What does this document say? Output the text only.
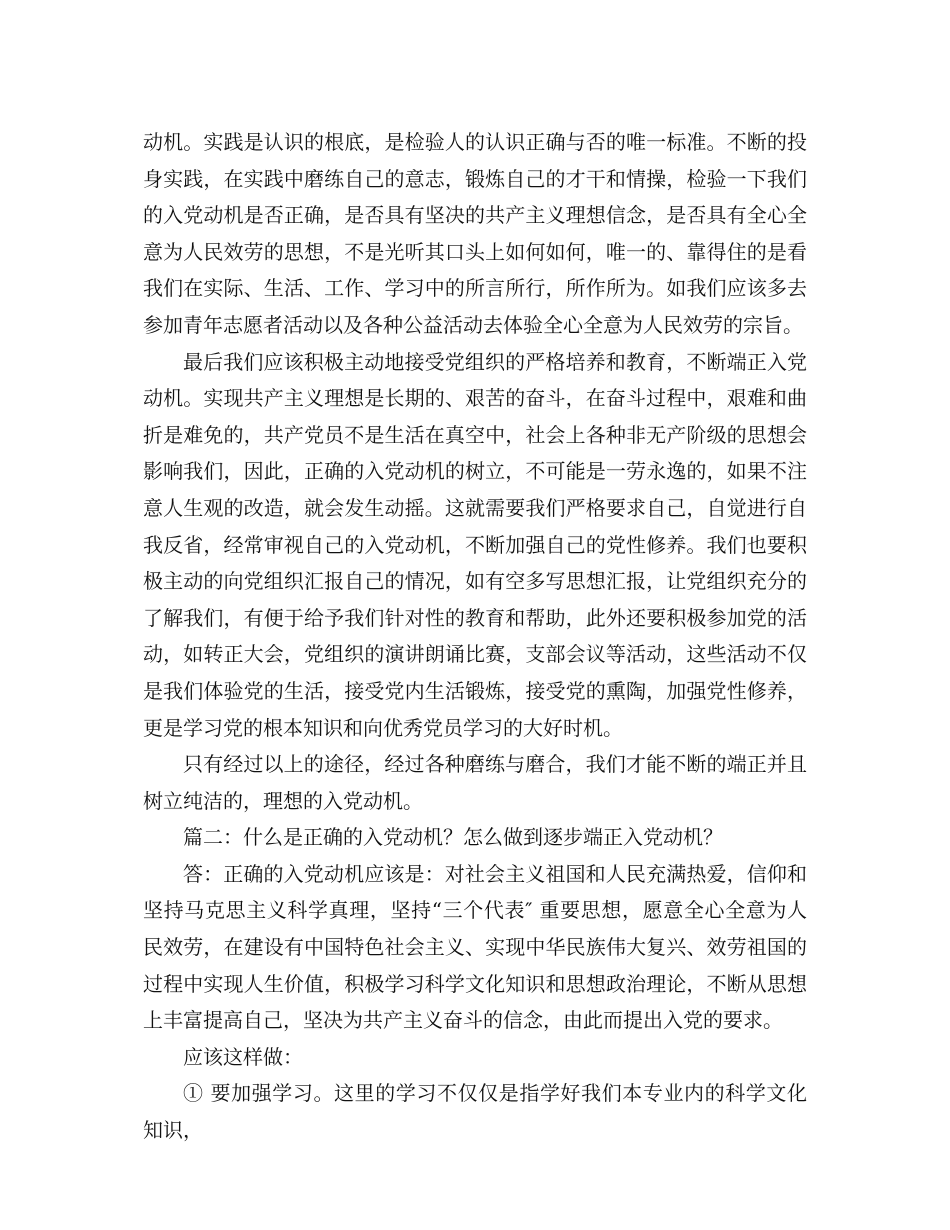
动机。实践是认识的根底，是检验人的认识正确与否的唯一标准。不断的投身实践，在实践中磨练自己的意志，锻炼自己的才干和情操，检验一下我们的入党动机是否正确，是否具有坚决的共产主义理想信念，是否具有全心全意为人民效劳的思想，不是光听其口头上如何如何，唯一的、靠得住的是看我们在实际、生活、工作、学习中的所言所行，所作所为。如我们应该多去参加青年志愿者活动以及各种公益活动去体验全心全意为人民效劳的宗旨。

最后我们应该积极主动地接受党组织的严格培养和教育，不断端正入党动机。实现共产主义理想是长期的、艰苦的奋斗，在奋斗过程中，艰难和曲折是难免的，共产党员不是生活在真空中，社会上各种非无产阶级的思想会影响我们，因此，正确的入党动机的树立，不可能是一劳永逸的，如果不注意人生观的改造，就会发生动摇。这就需要我们严格要求自己，自觉进行自我反省，经常审视自己的入党动机，不断加强自己的党性修养。我们也要积极主动的向党组织汇报自己的情况，如有空多写思想汇报，让党组织充分的了解我们，有便于给予我们针对性的教育和帮助，此外还要积极参加党的活动，如转正大会，党组织的演讲朗诵比赛，支部会议等活动，这些活动不仅是我们体验党的生活，接受党内生活锻炼，接受党的熏陶，加强党性修养，更是学习党的根本知识和向优秀党员学习的大好时机。

只有经过以上的途径，经过各种磨练与磨合，我们才能不断的端正并且树立纯洁的，理想的入党动机。

篇二：什么是正确的入党动机？怎么做到逐步端正入党动机？

答：正确的入党动机应该是：对社会主义祖国和人民充满热爱，信仰和坚持马克思主义科学真理，坚持“三个代表″ 重要思想，愿意全心全意为人民效劳，在建设有中国特色社会主义、实现中华民族伟大复兴、效劳祖国的过程中实现人生价值，积极学习科学文化知识和思想政治理论，不断从思想上丰富提高自己，坚决为共产主义奋斗的信念，由此而提出入党的要求。

应该这样做：

① 要加强学习。这里的学习不仅仅是指学好我们本专业内的科学文化知识，
